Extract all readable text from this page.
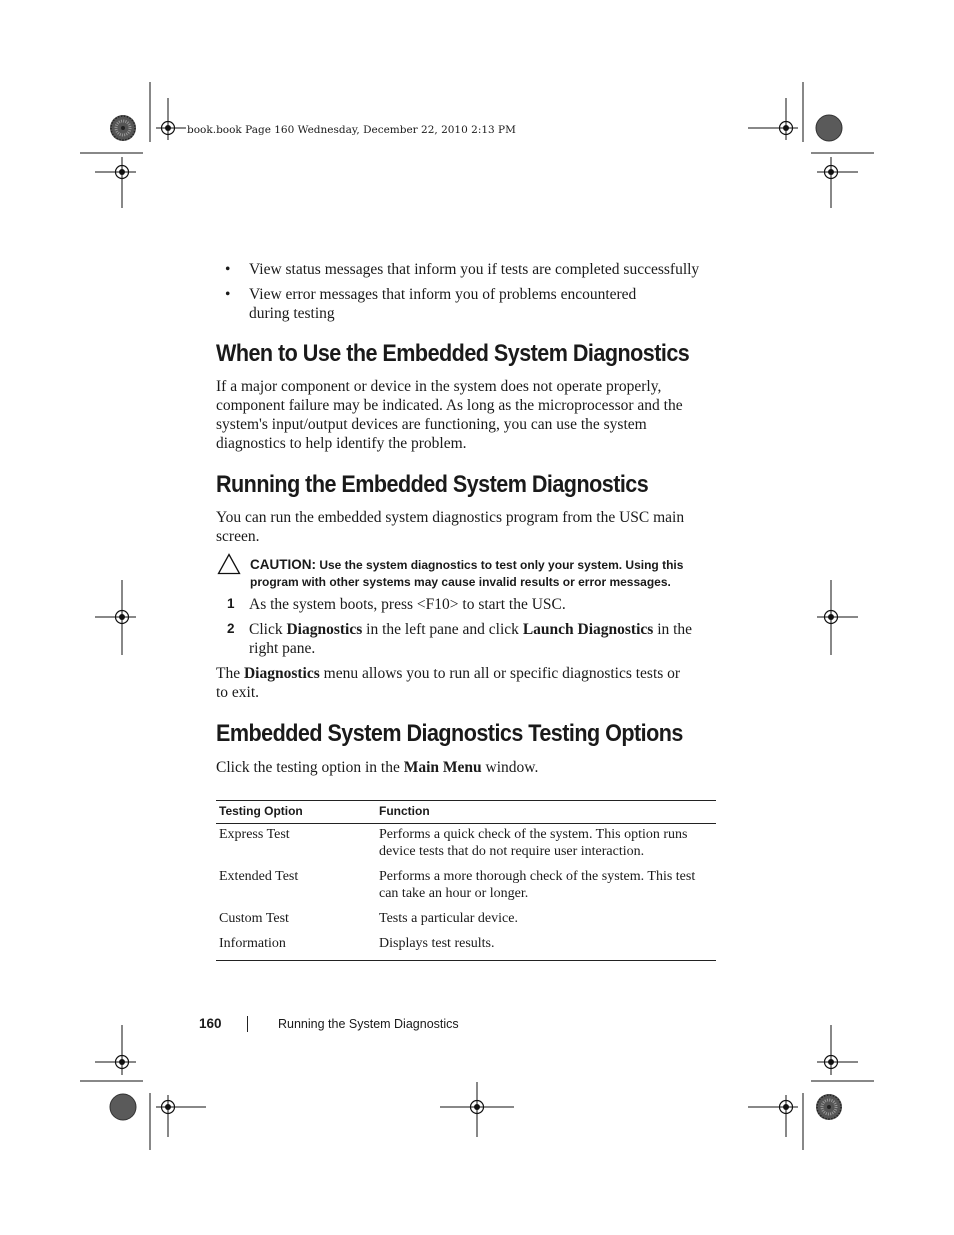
book.book Page 160 Wednesday, December 22, 2010 2:13 PM
• View status messages that inform you if tests are completed successfully
• View error messages that inform you of problems encountered
during testing
When to Use the Embedded System Diagnostics
If a major component or device in the system does not operate properly,
component failure may be indicated. As long as the microprocessor and the
system's input/output devices are functioning, you can use the system
diagnostics to help identify the problem.
Running the Embedded System Diagnostics
You can run the embedded system diagnostics program from the USC main
screen.
CAUTION: Use the system diagnostics to test only your system. Using this
program with other systems may cause invalid results or error messages.
1 As the system boots, press <F10> to start the USC.
2 Click Diagnostics in the left pane and click Launch Diagnostics in the
right pane.
The Diagnostics menu allows you to run all or specific diagnostics tests or
to exit.
Embedded System Diagnostics Testing Options
Click the testing option in the Main Menu window.
Testing Option	Function
Express Test	Performs a quick check of the system. This option runs
device tests that do not require user interaction.

Extended Test	Performs a more thorough check of the system. This test
can take an hour or longer.

Custom Test	Tests a particular device.
Information	Displays test results.
160	Running the System Diagnostics
